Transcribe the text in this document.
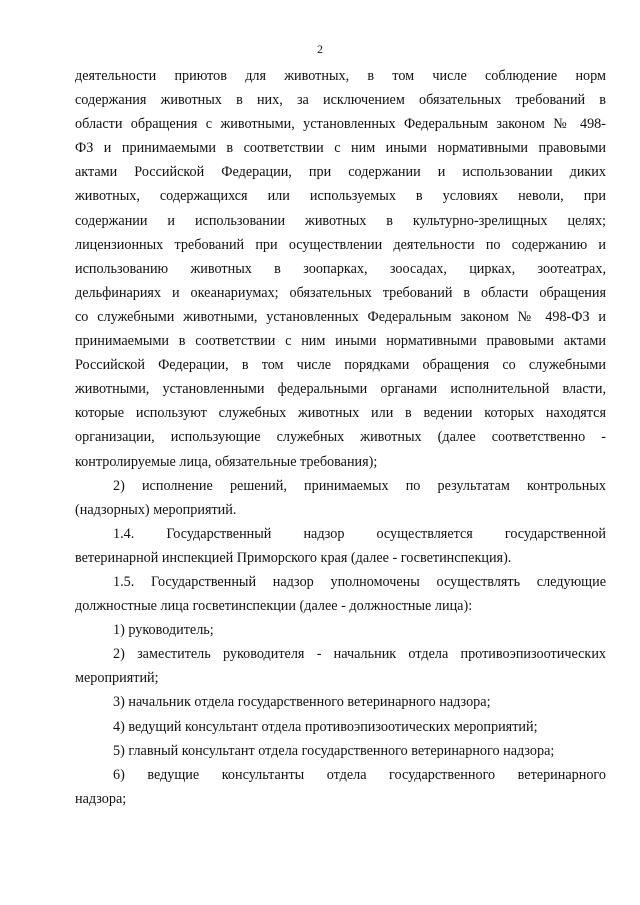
2
деятельности приютов для животных, в том числе соблюдение норм
содержания животных в них, за исключением обязательных требований в
области обращения с животными, установленных Федеральным законом № 498-
ФЗ и принимаемыми в соответствии с ним иными нормативными правовыми
актами Российской Федерации, при содержании и использовании диких
животных, содержащихся или используемых в условиях неволи, при
содержании и использовании животных в культурно-зрелищных целях;
лицензионных требований при осуществлении деятельности по содержанию и
использованию животных в зоопарках, зоосадах, цирках, зоотеатрах,
дельфинариях и океанариумах; обязательных требований в области обращения
со служебными животными, установленных Федеральным законом № 498-ФЗ и
принимаемыми в соответствии с ним иными нормативными правовыми актами
Российской Федерации, в том числе порядками обращения со служебными
животными, установленными федеральными органами исполнительной власти,
которые используют служебных животных или в ведении которых находятся
организации, использующие служебных животных (далее соответственно -
контролируемые лица, обязательные требования);
2) исполнение решений, принимаемых по результатам контрольных
(надзорных) мероприятий.
1.4. Государственный надзор осуществляется государственной
ветеринарной инспекцией Приморского края (далее - госветинспекция).
1.5. Государственный надзор уполномочены осуществлять следующие
должностные лица госветинспекции (далее - должностные лица):
1) руководитель;
2) заместитель руководителя - начальник отдела противоэпизоотических
мероприятий;
3) начальник отдела государственного ветеринарного надзора;
4) ведущий консультант отдела противоэпизоотических мероприятий;
5) главный консультант отдела государственного ветеринарного надзора;
6) ведущие консультанты отдела государственного ветеринарного
надзора;
